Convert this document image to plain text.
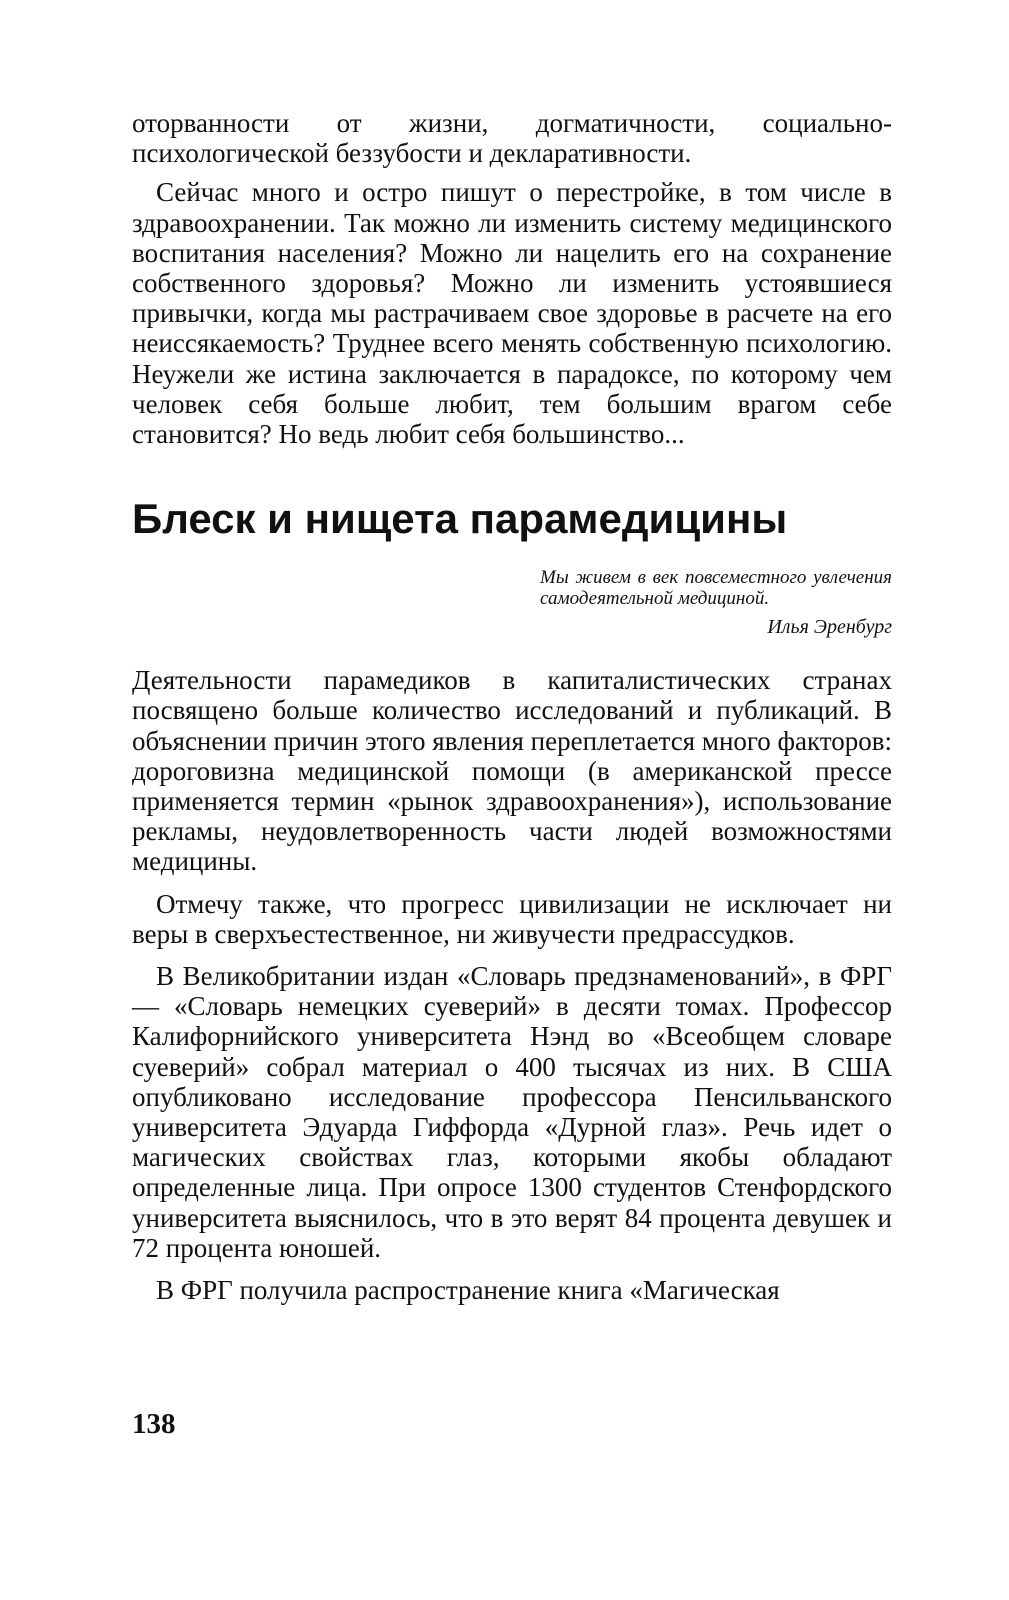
оторванности от жизни, догматичности, социально-психологической беззубости и декларативности.

Сейчас много и остро пишут о перестройке, в том числе в здравоохранении. Так можно ли изменить систему медицинского воспитания населения? Можно ли нацелить его на сохранение собственного здоровья? Можно ли изменить устоявшиеся привычки, когда мы растрачиваем свое здоровье в расчете на его неиссякаемость? Труднее всего менять собственную психологию. Неужели же истина заключается в парадоксе, по которому чем человек себя больше любит, тем большим врагом себе становится? Но ведь любит себя большинство...

Блеск и нищета парамедицины
Мы живем в век повсеместного увлечения самодеятельной медициной.
Илья Эренбург

Деятельности парамедиков в капиталистических странах посвящено больше количество исследований и публикаций. В объяснении причин этого явления переплетается много факторов: дороговизна медицинской помощи (в американской прессе применяется термин «рынок здравоохранения»), использование рекламы, неудовлетворенность части людей возможностями медицины.

Отмечу также, что прогресс цивилизации не исключает ни веры в сверхъестественное, ни живучести предрассудков.

В Великобритании издан «Словарь предзнаменований», в ФРГ — «Словарь немецких суеверий» в десяти томах. Профессор Калифорнийского университета Нэнд во «Всеобщем словаре суеверий» собрал материал о 400 тысячах из них. В США опубликовано исследование профессора Пенсильванского университета Эдуарда Гиффорда «Дурной глаз». Речь идет о магических свойствах глаз, которыми якобы обладают определенные лица. При опросе 1300 студентов Стенфордского университета выяснилось, что в это верят 84 процента девушек и 72 процента юношей.

В ФРГ получила распространение книга «Магическая

138
